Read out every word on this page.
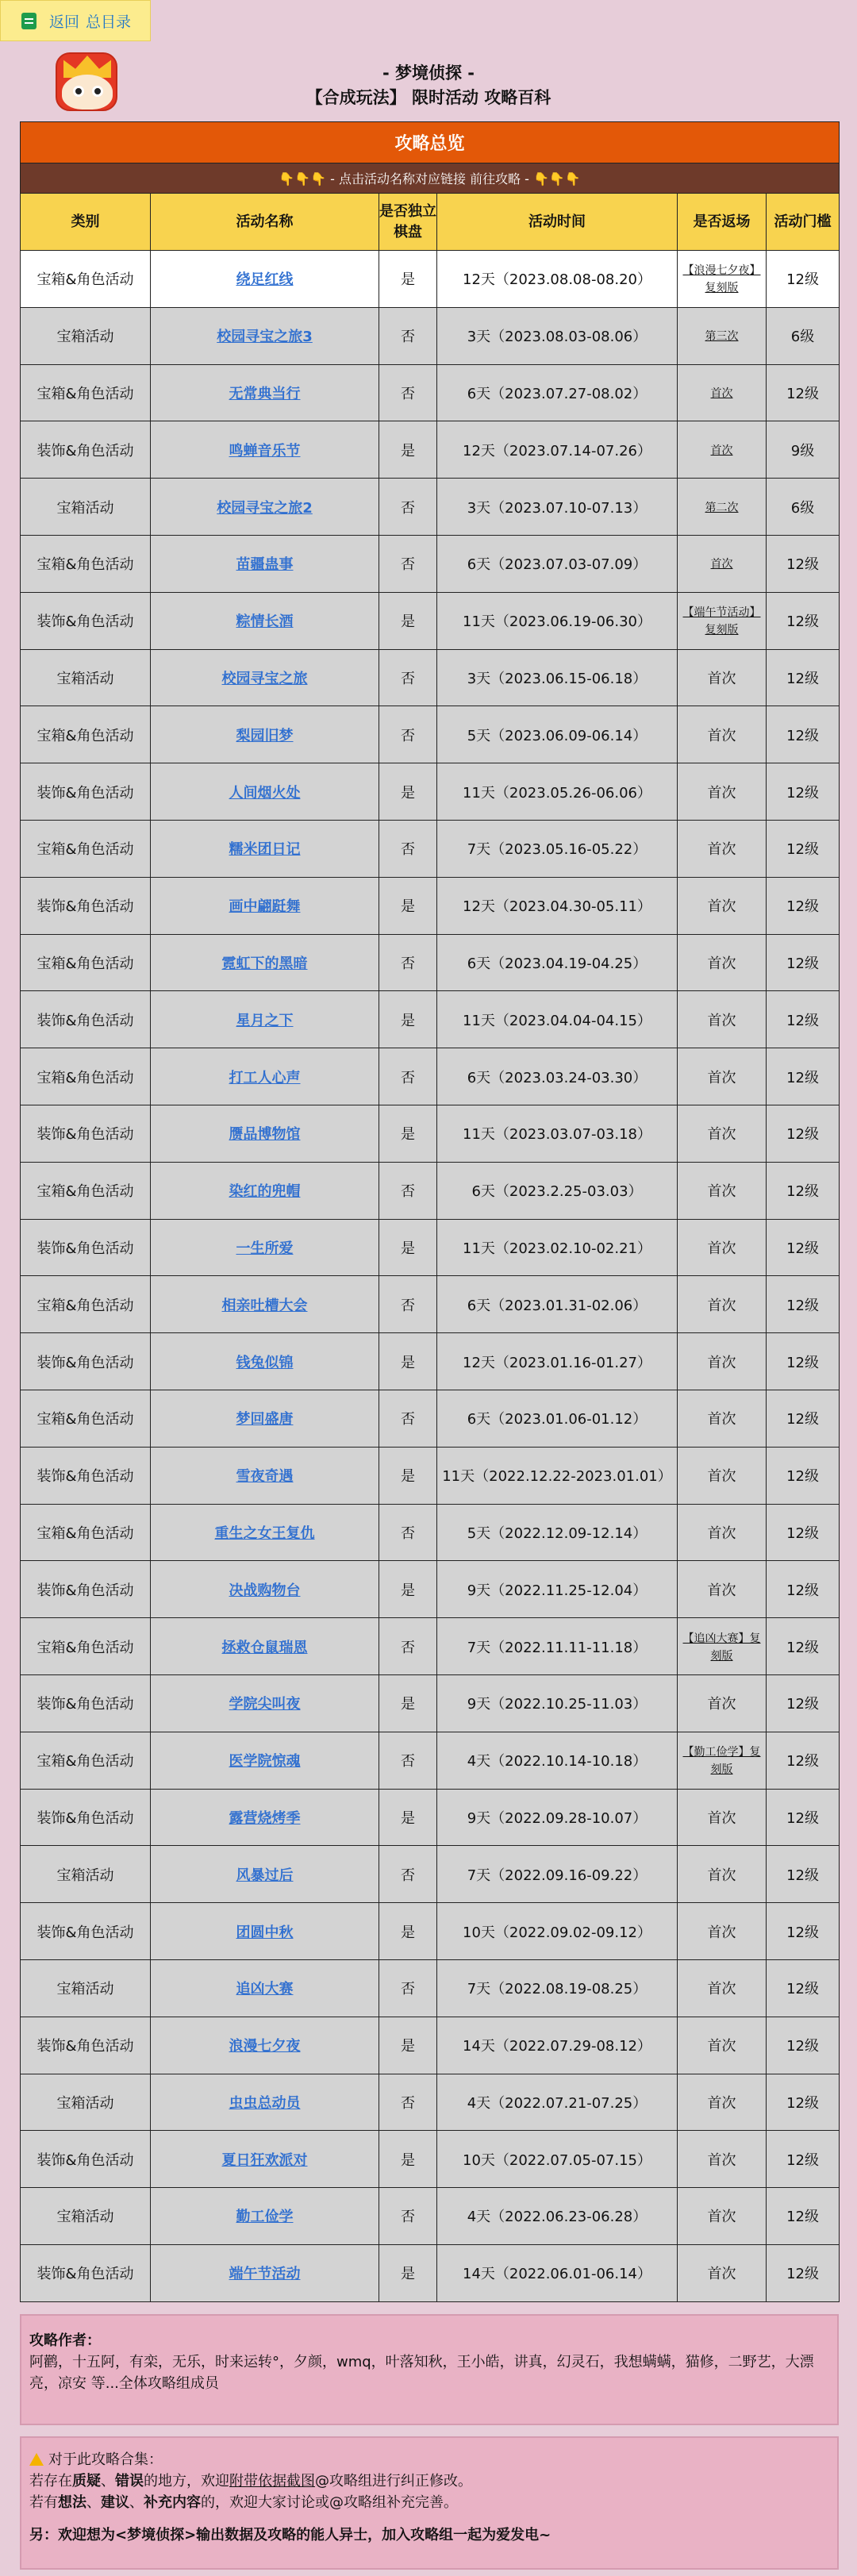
返回 总目录
- 梦境侦探 -
【合成玩法】 限时活动 攻略百科
攻略总览					
👇👇👇 - 点击活动名称对应链接 前往攻略 - 👇👇👇					
类别	活动名称	是否独立棋盘	活动时间	是否返场	活动门槛
宝箱&角色活动	绕足红线	是	12天（2023.08.08-08.20）	【浪漫七夕夜】复刻版	12级
宝箱活动	校园寻宝之旅3	否	3天（2023.08.03-08.06）	第三次	6级
宝箱&角色活动	无常典当行	否	6天（2023.07.27-08.02）	首次	12级
装饰&角色活动	鸣蝉音乐节	是	12天（2023.07.14-07.26）	首次	9级
宝箱活动	校园寻宝之旅2	否	3天（2023.07.10-07.13）	第二次	6级
宝箱&角色活动	苗疆蛊事	否	6天（2023.07.03-07.09）	首次	12级
装饰&角色活动	粽情长酒	是	11天（2023.06.19-06.30）	【端午节活动】复刻版	12级
宝箱活动	校园寻宝之旅	否	3天（2023.06.15-06.18）	首次	12级
宝箱&角色活动	梨园旧梦	否	5天（2023.06.09-06.14）	首次	12级
装饰&角色活动	人间烟火处	是	11天（2023.05.26-06.06）	首次	12级
宝箱&角色活动	糯米团日记	否	7天（2023.05.16-05.22）	首次	12级
装饰&角色活动	画中翩跹舞	是	12天（2023.04.30-05.11）	首次	12级
宝箱&角色活动	霓虹下的黑暗	否	6天（2023.04.19-04.25）	首次	12级
装饰&角色活动	星月之下	是	11天（2023.04.04-04.15）	首次	12级
宝箱&角色活动	打工人心声	否	6天（2023.03.24-03.30）	首次	12级
装饰&角色活动	赝品博物馆	是	11天（2023.03.07-03.18）	首次	12级
宝箱&角色活动	染红的兜帽	否	6天（2023.2.25-03.03）	首次	12级
装饰&角色活动	一生所爱	是	11天（2023.02.10-02.21）	首次	12级
宝箱&角色活动	相亲吐槽大会	否	6天（2023.01.31-02.06）	首次	12级
装饰&角色活动	钱兔似锦	是	12天（2023.01.16-01.27）	首次	12级
宝箱&角色活动	梦回盛唐	否	6天（2023.01.06-01.12）	首次	12级
装饰&角色活动	雪夜奇遇	是	11天（2022.12.22-2023.01.01）	首次	12级
宝箱&角色活动	重生之女王复仇	否	5天（2022.12.09-12.14）	首次	12级
装饰&角色活动	决战购物台	是	9天（2022.11.25-12.04）	首次	12级
宝箱&角色活动	拯救仓鼠瑞恩	否	7天（2022.11.11-11.18）	【追凶大赛】复刻版	12级
装饰&角色活动	学院尖叫夜	是	9天（2022.10.25-11.03）	首次	12级
宝箱&角色活动	医学院惊魂	否	4天（2022.10.14-10.18）	【勤工俭学】复刻版	12级
装饰&角色活动	露营烧烤季	是	9天（2022.09.28-10.07）	首次	12级
宝箱活动	风暴过后	否	7天（2022.09.16-09.22）	首次	12级
装饰&角色活动	团圆中秋	是	10天（2022.09.02-09.12）	首次	12级
宝箱活动	追凶大赛	否	7天（2022.08.19-08.25）	首次	12级
装饰&角色活动	浪漫七夕夜	是	14天（2022.07.29-08.12）	首次	12级
宝箱活动	虫虫总动员	否	4天（2022.07.21-07.25）	首次	12级
装饰&角色活动	夏日狂欢派对	是	10天（2022.07.05-07.15）	首次	12级
宝箱活动	勤工俭学	否	4天（2022.06.23-06.28）	首次	12级
装饰&角色活动	端午节活动	是	14天（2022.06.01-06.14）	首次	12级
攻略作者：
阿鹳，十五阿，有栾，无乐，时来运转°，夕颜，wmq，叶落知秋，王小皓，讲真，幻灵石，我想螨螨，猫修，二野艺，大漂亮，凉安 等...全体攻略组成员
对于此攻略合集：
若存在质疑、错误的地方，欢迎附带依据截图@攻略组进行纠正修改。
若有想法、建议、补充内容的，欢迎大家讨论或@攻略组补充完善。
另：欢迎想为<梦境侦探>输出数据及攻略的能人异士，加入攻略组一起为爱发电~
